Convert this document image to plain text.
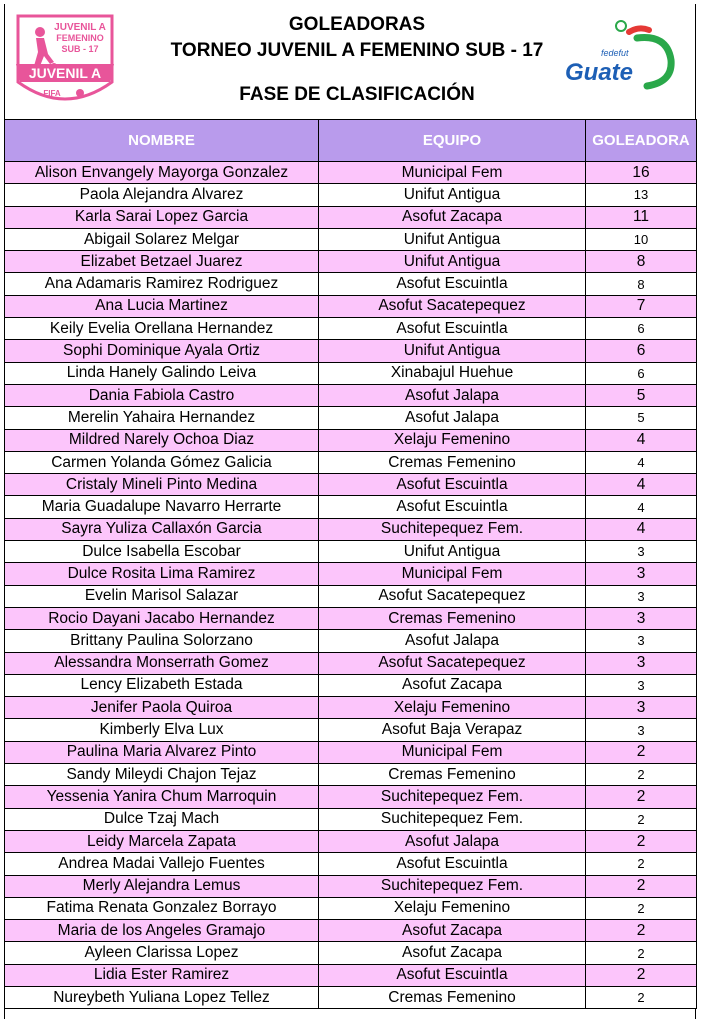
JUVENIL A
FEMENINO
SUB - 17
JUVENIL A
FIFA
GOLEADORAS
TORNEO JUVENIL A FEMENINO SUB - 17
FASE DE CLASIFICACIÓN
fedefut
Guate
NOMBRE	EQUIPO	GOLEADORA
Alison Envangely Mayorga Gonzalez	Municipal Fem	16
Paola Alejandra Alvarez	Unifut Antigua	13
Karla Sarai Lopez Garcia	Asofut Zacapa	11
Abigail Solarez Melgar	Unifut Antigua	10
Elizabet Betzael Juarez	Unifut Antigua	8
Ana Adamaris Ramirez Rodriguez	Asofut Escuintla	8
Ana Lucia Martinez	Asofut Sacatepequez	7
Keily Evelia Orellana Hernandez	Asofut Escuintla	6
Sophi Dominique Ayala Ortiz	Unifut Antigua	6
Linda Hanely Galindo Leiva	Xinabajul Huehue	6
Dania Fabiola Castro	Asofut Jalapa	5
Merelin Yahaira Hernandez	Asofut Jalapa	5
Mildred Narely Ochoa Diaz	Xelaju Femenino	4
Carmen Yolanda Gómez Galicia	Cremas Femenino	4
Cristaly Mineli Pinto Medina	Asofut Escuintla	4
Maria Guadalupe Navarro Herrarte	Asofut Escuintla	4
Sayra Yuliza Callaxón Garcia	Suchitepequez Fem.	4
Dulce Isabella Escobar	Unifut Antigua	3
Dulce Rosita Lima Ramirez	Municipal Fem	3
Evelin Marisol Salazar	Asofut Sacatepequez	3
Rocio Dayani Jacabo Hernandez	Cremas Femenino	3
Brittany Paulina Solorzano	Asofut Jalapa	3
Alessandra Monserrath Gomez	Asofut Sacatepequez	3
Lency Elizabeth Estada	Asofut Zacapa	3
Jenifer Paola Quiroa	Xelaju Femenino	3
Kimberly Elva Lux	Asofut Baja Verapaz	3
Paulina Maria Alvarez Pinto	Municipal Fem	2
Sandy Mileydi Chajon Tejaz	Cremas Femenino	2
Yessenia Yanira Chum Marroquin	Suchitepequez Fem.	2
Dulce Tzaj Mach	Suchitepequez Fem.	2
Leidy Marcela Zapata	Asofut Jalapa	2
Andrea Madai Vallejo Fuentes	Asofut Escuintla	2
Merly Alejandra Lemus	Suchitepequez Fem.	2
Fatima Renata Gonzalez Borrayo	Xelaju Femenino	2
Maria de los Angeles Gramajo	Asofut Zacapa	2
Ayleen Clarissa Lopez	Asofut Zacapa	2
Lidia Ester Ramirez	Asofut Escuintla	2
Nureybeth Yuliana Lopez Tellez	Cremas Femenino	2
